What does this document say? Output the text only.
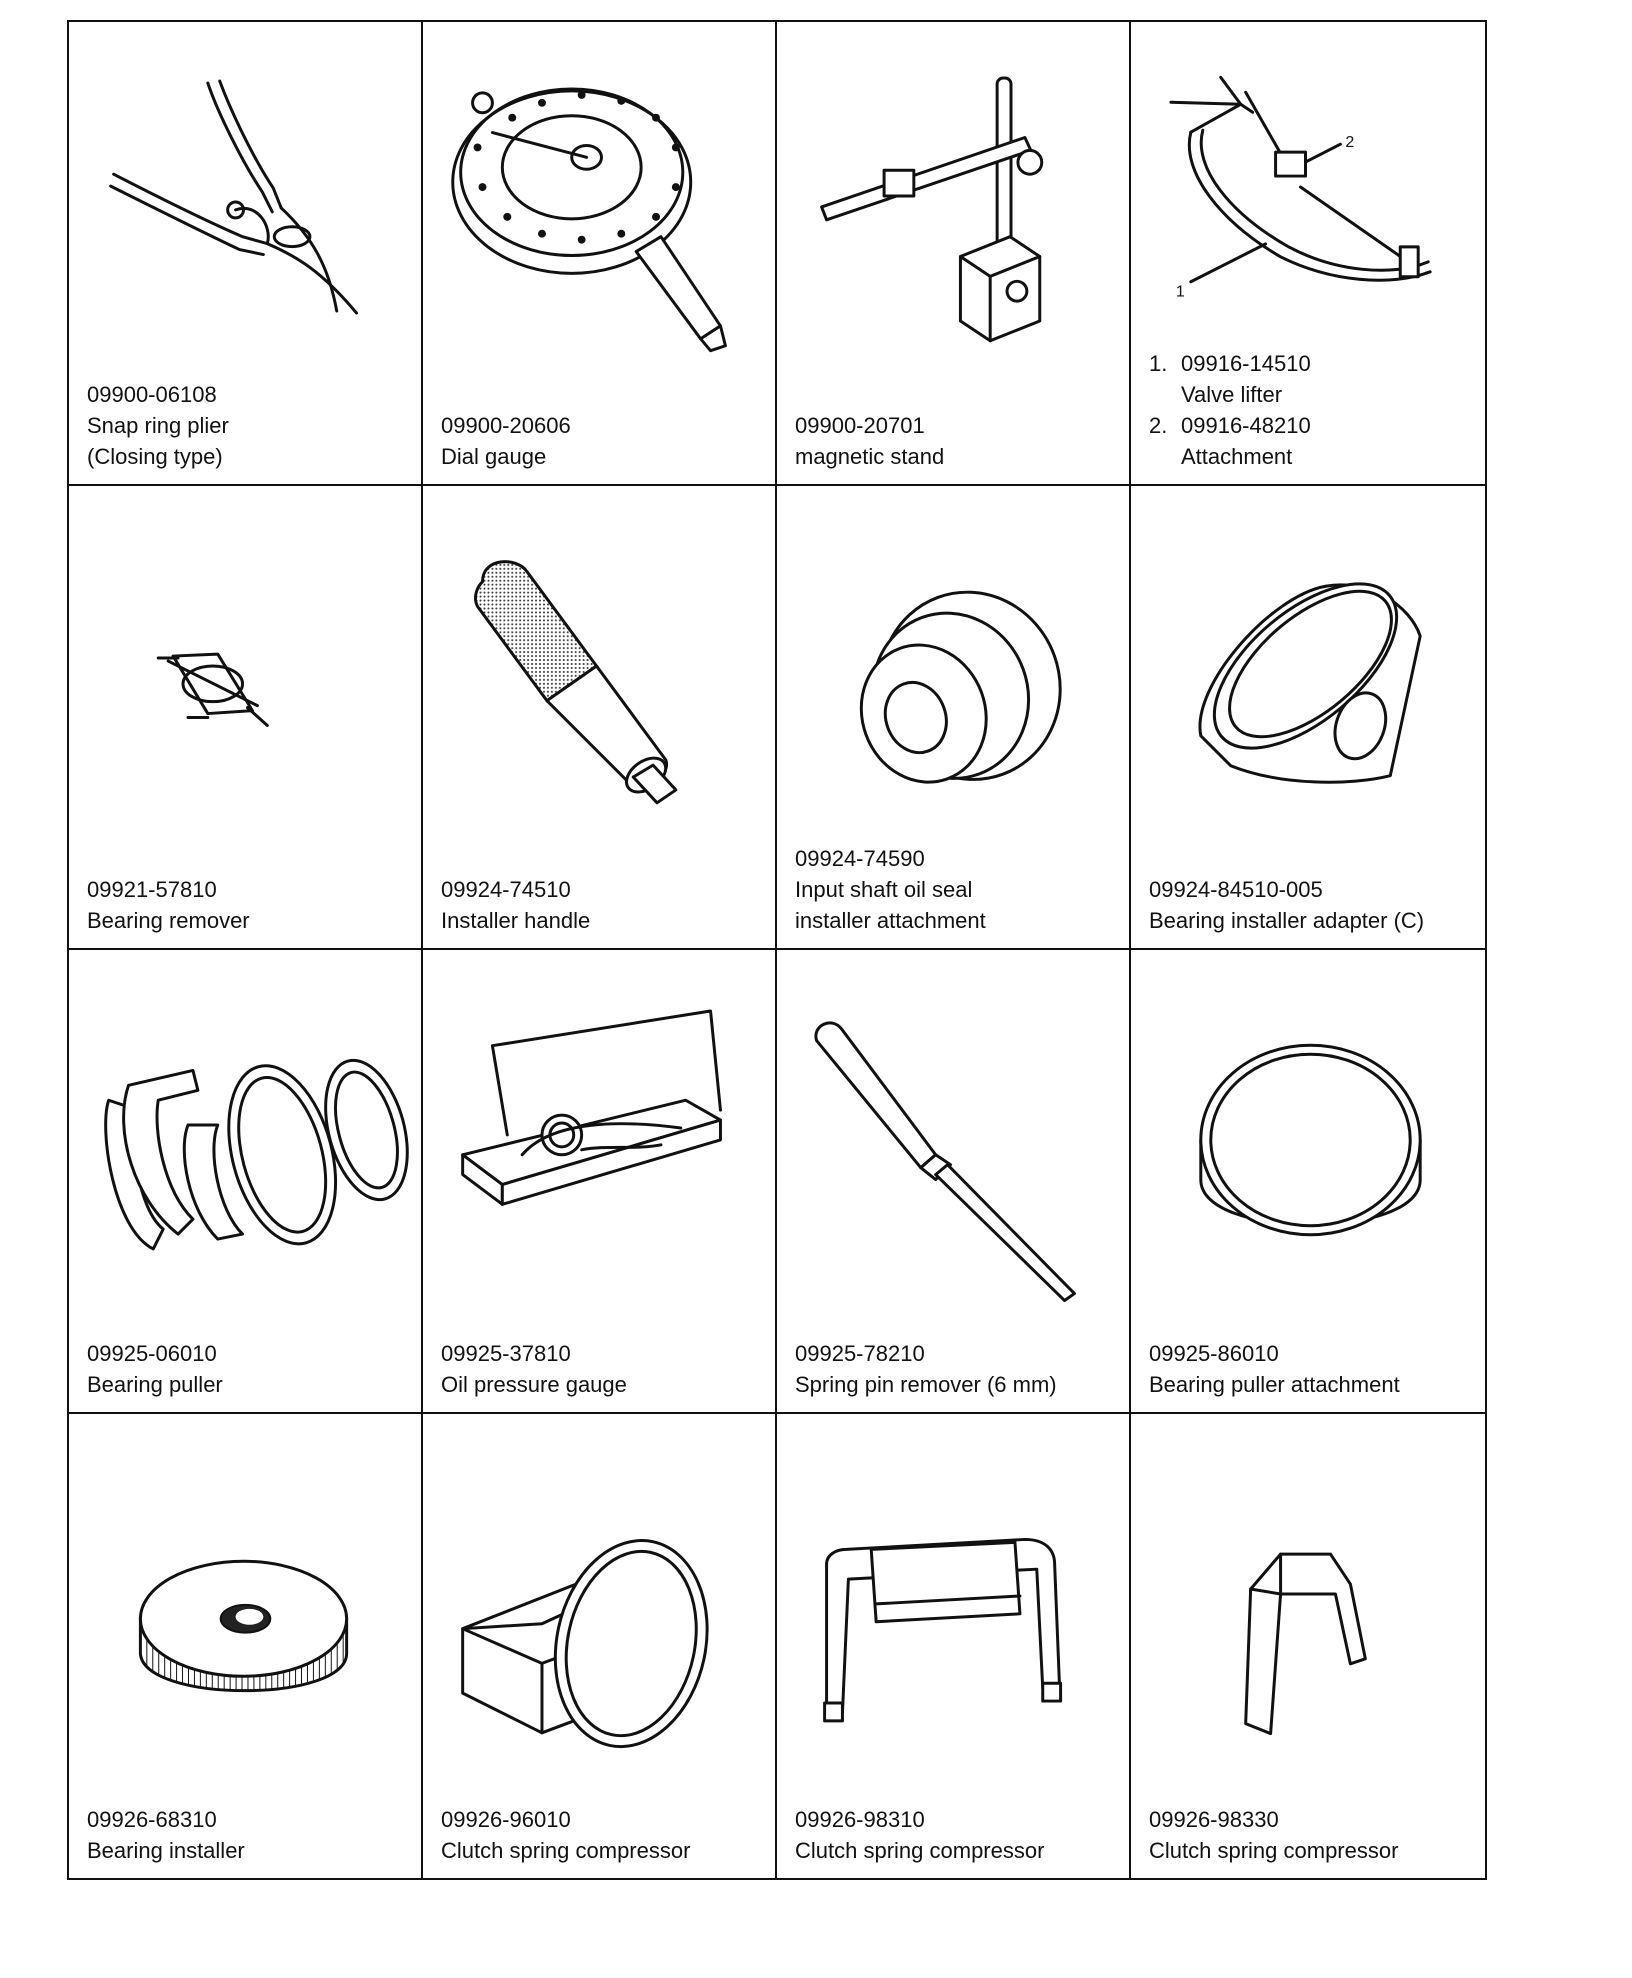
09900-06108
Snap ring plier
(Closing type)
09900-20606
Dial gauge
09900-20701
magnetic stand
2
1
1. 09916-14510
Valve lifter
2. 09916-48210
Attachment
09921-57810
Bearing remover
09924-74510
Installer handle
09924-74590
Input shaft oil seal
installer attachment
09924-84510-005
Bearing installer adapter (C)
09925-06010
Bearing puller
09925-37810
Oil pressure gauge
09925-78210
Spring pin remover (6 mm)
09925-86010
Bearing puller attachment
09926-68310
Bearing installer
09926-96010
Clutch spring compressor
09926-98310
Clutch spring compressor
09926-98330
Clutch spring compressor
